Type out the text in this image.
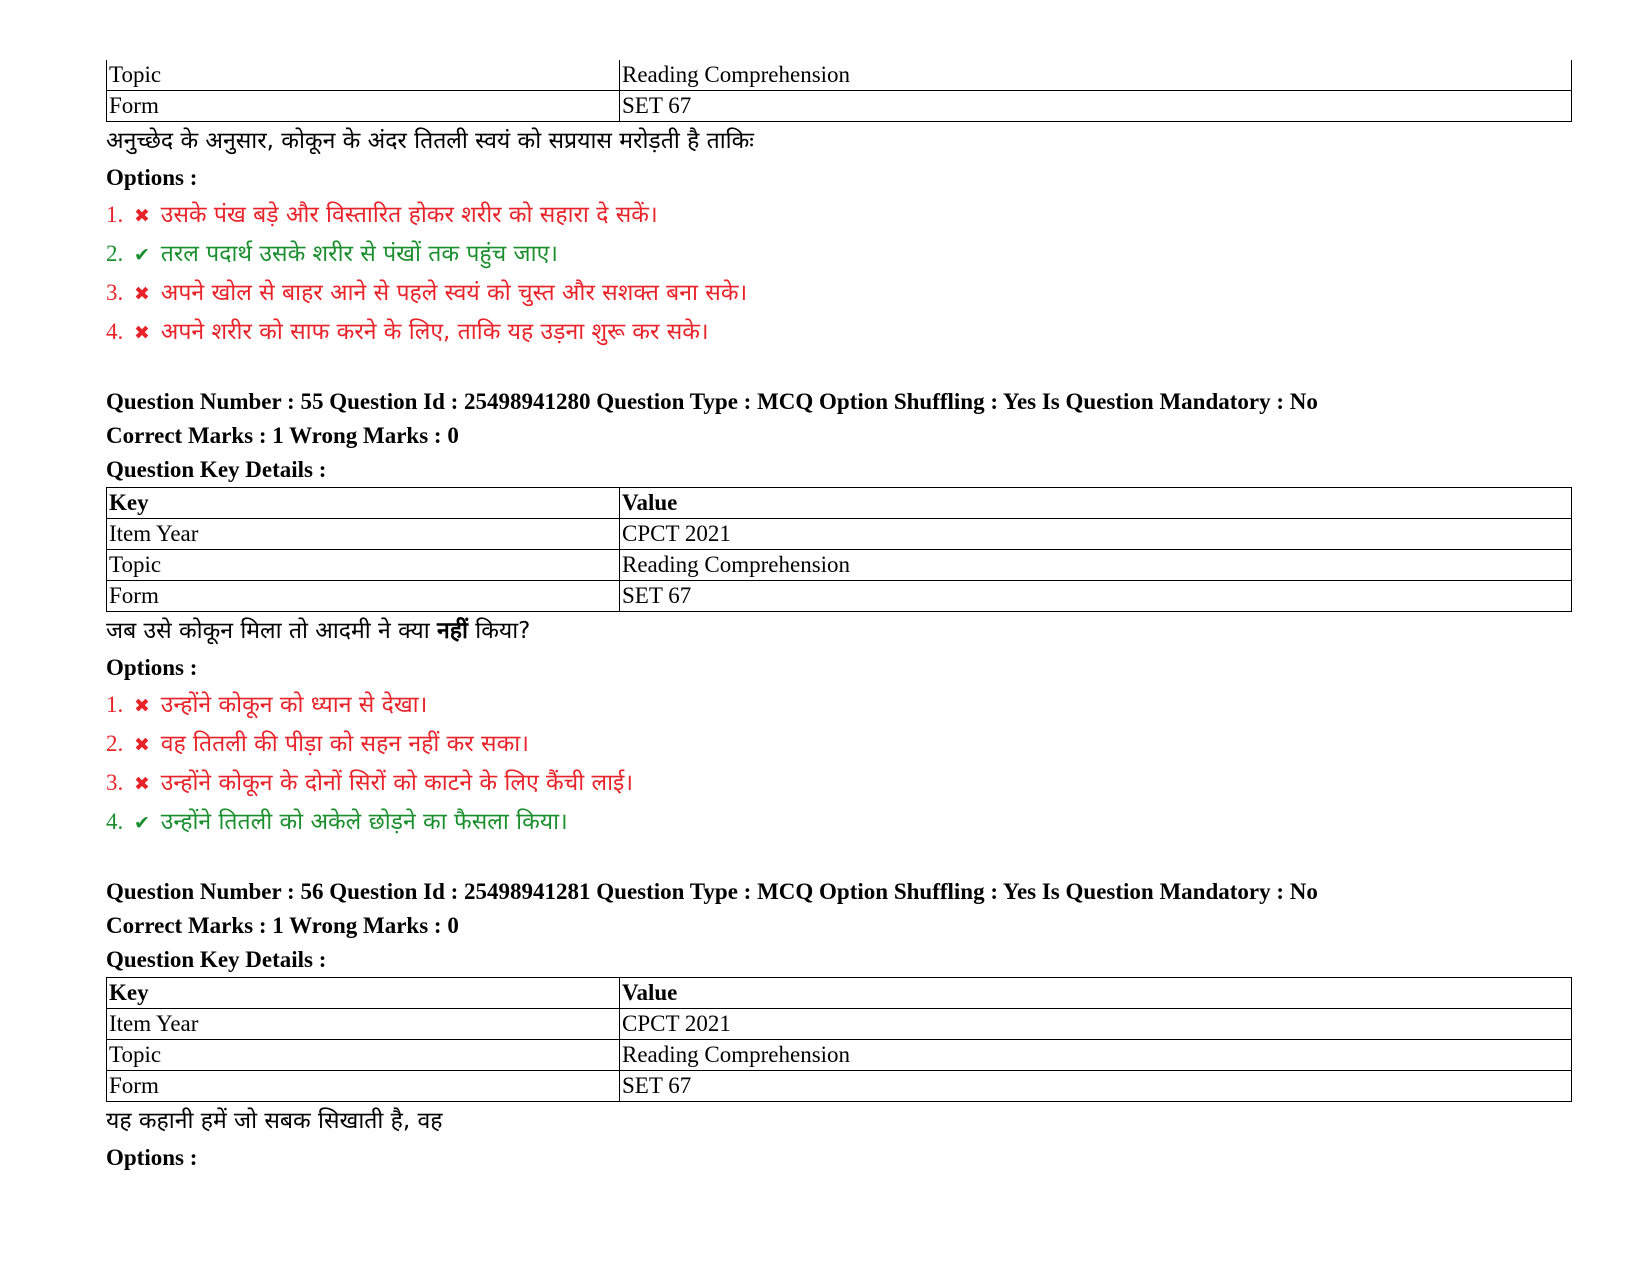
Topic	Reading Comprehension
Form	SET 67
अनुच्छेद के अनुसार, कोकून के अंदर तितली स्वयं को सप्रयास मरोड़ती है ताकिः
Options :
1. ✖ उसके पंख बड़े और विस्तारित होकर शरीर को सहारा दे सकें।
2. ✔ तरल पदार्थ उसके शरीर से पंखों तक पहुंच जाए।
3. ✖ अपने खोल से बाहर आने से पहले स्वयं को चुस्त और सशक्त बना सके।
4. ✖ अपने शरीर को साफ करने के लिए, ताकि यह उड़ना शुरू कर सके।
Question Number : 55 Question Id : 25498941280 Question Type : MCQ Option Shuffling : Yes Is Question Mandatory : No
Correct Marks : 1 Wrong Marks : 0
Question Key Details :
Key	Value
Item Year	CPCT 2021
Topic	Reading Comprehension
Form	SET 67
जब उसे कोकून मिला तो आदमी ने क्या नहीं किया?
Options :
1. ✖ उन्होंने कोकून को ध्यान से देखा।
2. ✖ वह तितली की पीड़ा को सहन नहीं कर सका।
3. ✖ उन्होंने कोकून के दोनों सिरों को काटने के लिए कैंची लाई।
4. ✔ उन्होंने तितली को अकेले छोड़ने का फैसला किया।
Question Number : 56 Question Id : 25498941281 Question Type : MCQ Option Shuffling : Yes Is Question Mandatory : No
Correct Marks : 1 Wrong Marks : 0
Question Key Details :
Key	Value
Item Year	CPCT 2021
Topic	Reading Comprehension
Form	SET 67
यह कहानी हमें जो सबक सिखाती है, वह
Options :
